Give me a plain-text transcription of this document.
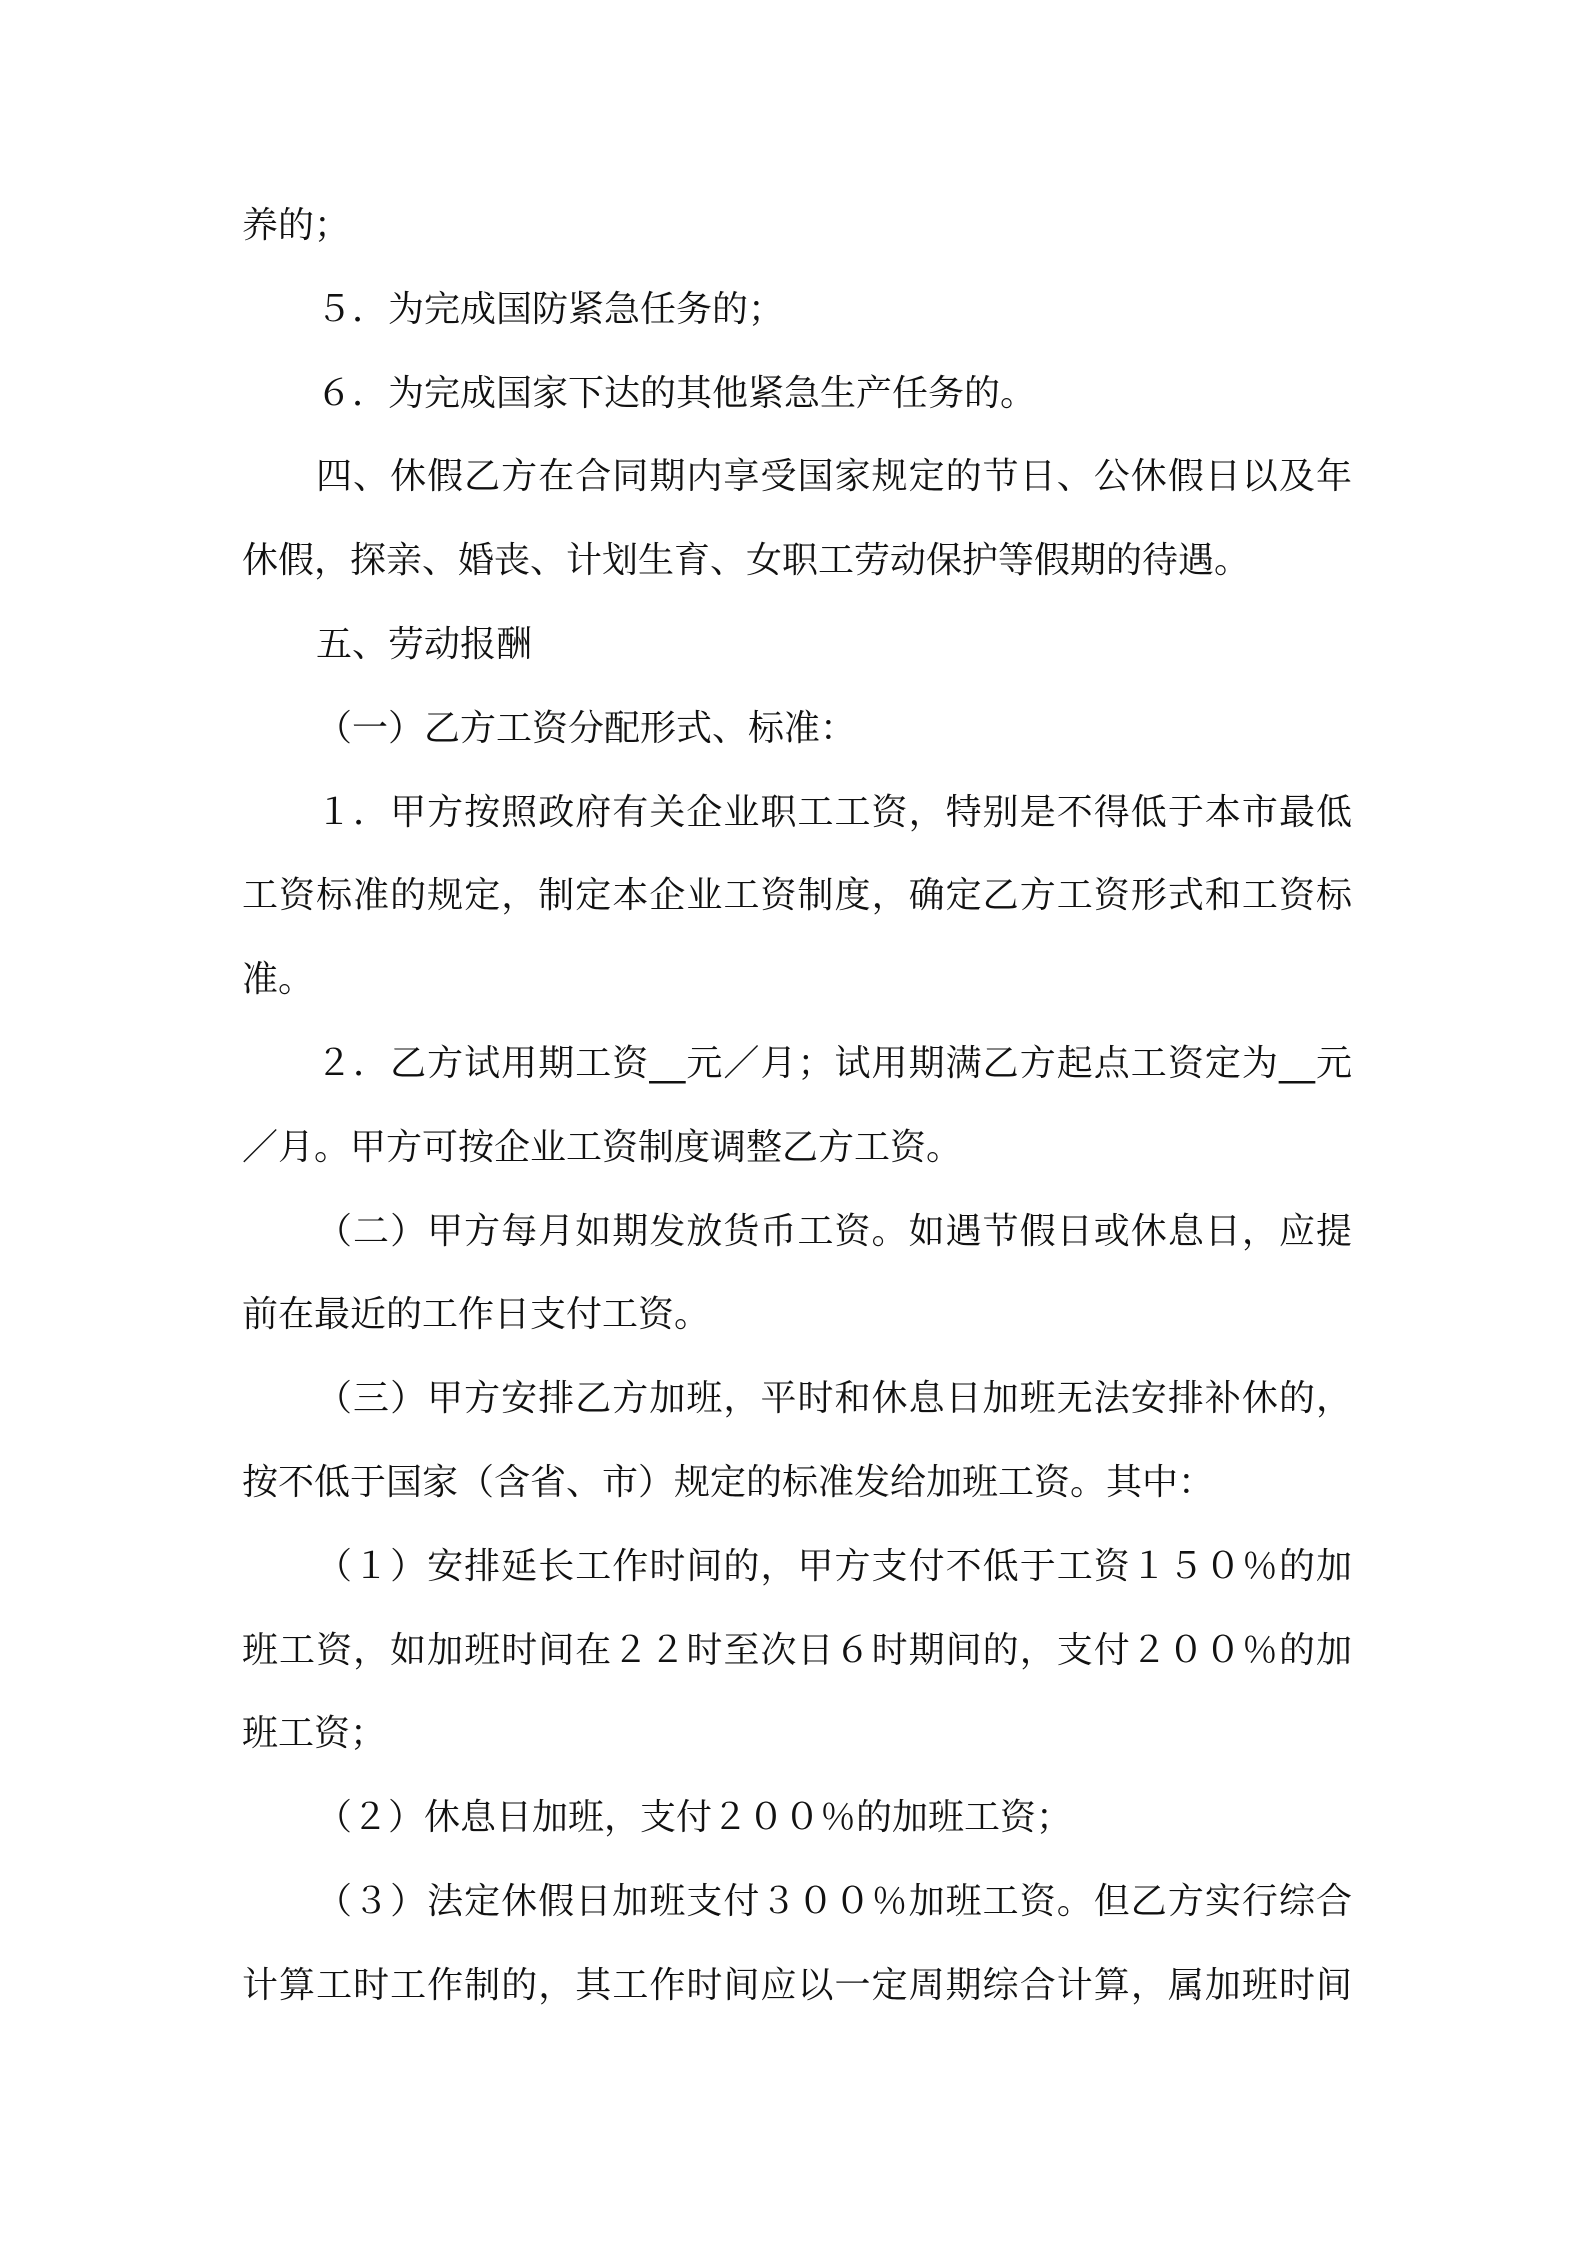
养的；
５．为完成国防紧急任务的；
６．为完成国家下达的其他紧急生产任务的。
四、休假乙方在合同期内享受国家规定的节日、公休假日以及年
休假，探亲、婚丧、计划生育、女职工劳动保护等假期的待遇。
五、劳动报酬
（一）乙方工资分配形式、标准：
１．甲方按照政府有关企业职工工资，特别是不得低于本市最低
工资标准的规定，制定本企业工资制度，确定乙方工资形式和工资标
准。
２．乙方试用期工资__元／月；试用期满乙方起点工资定为__元
／月。甲方可按企业工资制度调整乙方工资。
（二）甲方每月如期发放货币工资。如遇节假日或休息日，应提
前在最近的工作日支付工资。
（三）甲方安排乙方加班，平时和休息日加班无法安排补休的，
按不低于国家（含省、市）规定的标准发给加班工资。其中：
（１）安排延长工作时间的，甲方支付不低于工资１５０％的加
班工资，如加班时间在２２时至次日６时期间的，支付２００％的加
班工资；
（２）休息日加班，支付２００％的加班工资；
（３）法定休假日加班支付３００％加班工资。但乙方实行综合
计算工时工作制的，其工作时间应以一定周期综合计算，属加班时间
